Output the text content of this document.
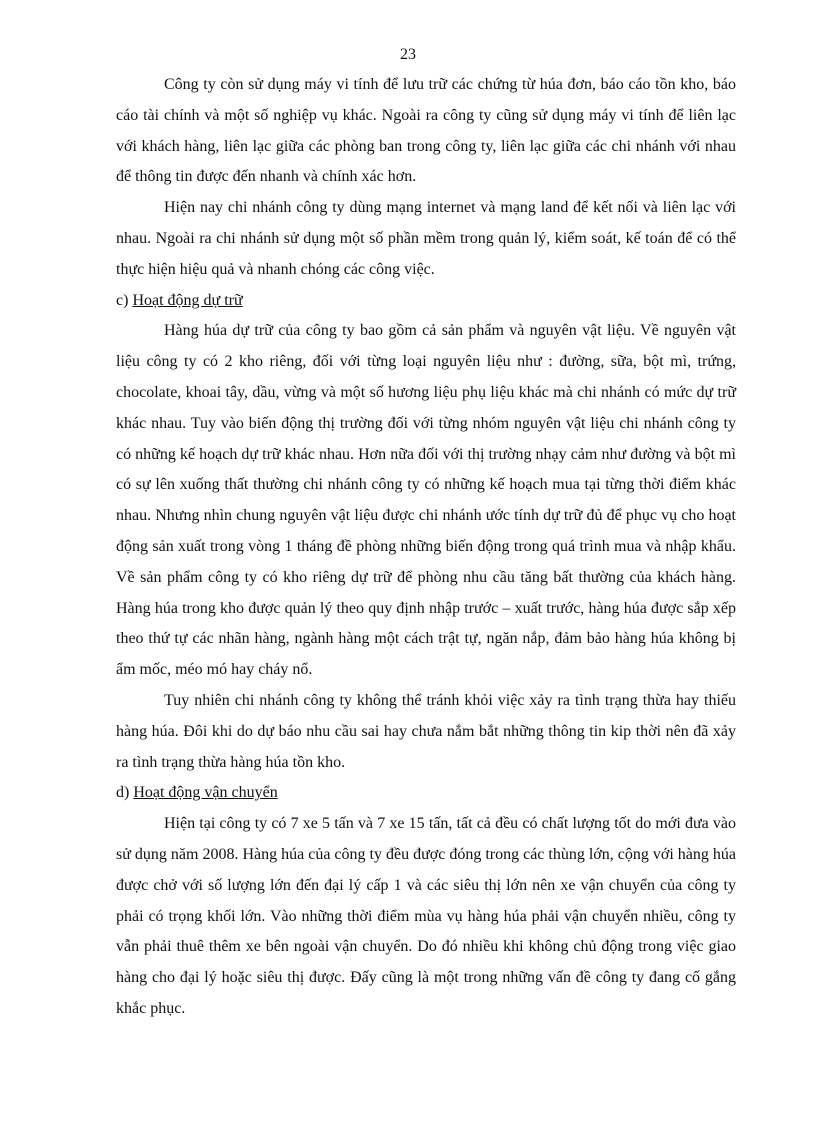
23

Công ty còn sử dụng máy vi tính để lưu trữ các chứng từ húa đơn, báo cáo tồn kho, báo cáo tài chính và một số nghiệp vụ khác. Ngoài ra công ty cũng sử dụng máy vi tính để liên lạc với khách hàng, liên lạc giữa các phòng ban trong công ty, liên lạc giữa các chi nhánh với nhau để thông tin được đến nhanh và chính xác hơn.

Hiện nay chi nhánh công ty dùng mạng internet và mạng land để kết nối và liên lạc với nhau. Ngoài ra chi nhánh sử dụng một số phần mềm trong quản lý, kiểm soát, kế toán để có thể thực hiện hiệu quả và nhanh chóng các công việc.

c) Hoạt động dự trữ

Hàng húa dự trữ của công ty bao gồm cả sản phẩm và nguyên vật liệu. Về nguyên vật liệu công ty có 2 kho riêng, đối với từng loại nguyên liệu như : đường, sữa, bột mì, trứng, chocolate, khoai tây, dầu, vừng và một số hương liệu phụ liệu khác mà chi nhánh có mức dự trữ khác nhau. Tuy vào biến động thị trường đối với từng nhóm nguyên vật liệu chi nhánh công ty có những kế hoạch dự trữ khác nhau. Hơn nữa đối với thị trường nhạy cảm như đường và bột mì có sự lên xuống thất thường chi nhánh công ty có những kế hoạch mua tại từng thời điểm khác nhau. Nhưng nhìn chung nguyên vật liệu được chi nhánh ước tính dự trữ đủ để phục vụ cho hoạt động sản xuất trong vòng 1 tháng đề phòng những biến động trong quá trình mua và nhập khẩu. Về sản phẩm công ty có kho riêng dự trữ để phòng nhu cầu tăng bất thường của khách hàng. Hàng húa trong kho được quản lý theo quy định nhập trước – xuất trước, hàng húa được sắp xếp theo thứ tự các nhãn hàng, ngành hàng một cách trật tự, ngăn nắp, đảm bảo hàng húa không bị ẩm mốc, méo mó hay cháy nổ.

Tuy nhiên chi nhánh công ty không thể tránh khỏi việc xảy ra tình trạng thừa hay thiếu hàng húa. Đôi khi do dự báo nhu cầu sai hay chưa nắm bắt những thông tin kip thời nên đã xảy ra tình trạng thừa hàng húa tồn kho.

d) Hoạt động vận chuyển

Hiện tại công ty có 7 xe 5 tấn và 7 xe 15 tấn, tất cả đều có chất lượng tốt do mới đưa vào sử dụng năm 2008. Hàng húa của công ty đều được đóng trong các thùng lớn, cộng với hàng húa được chở với số lượng lớn đến đại lý cấp 1 và các siêu thị lớn nên xe vận chuyển của công ty phải có trọng khối lớn. Vào những thời điểm mùa vụ hàng húa phải vận chuyển nhiều, công ty vẫn phải thuê thêm xe bên ngoài vận chuyển. Do đó nhiều khi không chủ động trong việc giao hàng cho đại lý hoặc siêu thị được. Đấy cũng là một trong những vấn đề công ty đang cố gắng khắc phục.
